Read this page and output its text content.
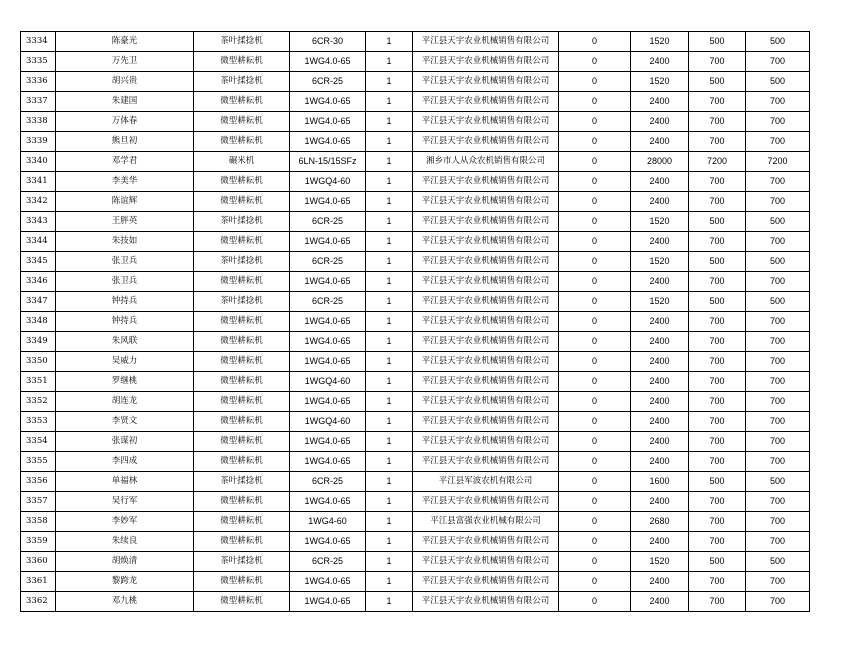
3334	陈豪光	茶叶揉捻机	6CR-30	1	平江县天宇农业机械销售有限公司	0	1520	500	500
3335	万先卫	微型耕耘机	1WG4.0-65	1	平江县天宇农业机械销售有限公司	0	2400	700	700
3336	胡兴贵	茶叶揉捻机	6CR-25	1	平江县天宇农业机械销售有限公司	0	1520	500	500
3337	朱建国	微型耕耘机	1WG4.0-65	1	平江县天宇农业机械销售有限公司	0	2400	700	700
3338	万体春	微型耕耘机	1WG4.0-65	1	平江县天宇农业机械销售有限公司	0	2400	700	700
3339	熊旦初	微型耕耘机	1WG4.0-65	1	平江县天宇农业机械销售有限公司	0	2400	700	700
3340	邓学君	碾米机	6LN-15/15SFz	1	湘乡市人从众农机销售有限公司	0	28000	7200	7200
3341	李美华	微型耕耘机	1WGQ4-60	1	平江县天宇农业机械销售有限公司	0	2400	700	700
3342	陈谊辉	微型耕耘机	1WG4.0-65	1	平江县天宇农业机械销售有限公司	0	2400	700	700
3343	王胖英	茶叶揉捻机	6CR-25	1	平江县天宇农业机械销售有限公司	0	1520	500	500
3344	朱技如	微型耕耘机	1WG4.0-65	1	平江县天宇农业机械销售有限公司	0	2400	700	700
3345	张卫兵	茶叶揉捻机	6CR-25	1	平江县天宇农业机械销售有限公司	0	1520	500	500
3346	张卫兵	微型耕耘机	1WG4.0-65	1	平江县天宇农业机械销售有限公司	0	2400	700	700
3347	钟持兵	茶叶揉捻机	6CR-25	1	平江县天宇农业机械销售有限公司	0	1520	500	500
3348	钟持兵	微型耕耘机	1WG4.0-65	1	平江县天宇农业机械销售有限公司	0	2400	700	700
3349	朱风联	微型耕耘机	1WG4.0-65	1	平江县天宇农业机械销售有限公司	0	2400	700	700
3350	吴威力	微型耕耘机	1WG4.0-65	1	平江县天宇农业机械销售有限公司	0	2400	700	700
3351	罗继桃	微型耕耘机	1WGQ4-60	1	平江县天宇农业机械销售有限公司	0	2400	700	700
3352	胡连龙	微型耕耘机	1WG4.0-65	1	平江县天宇农业机械销售有限公司	0	2400	700	700
3353	李贤文	微型耕耘机	1WGQ4-60	1	平江县天宇农业机械销售有限公司	0	2400	700	700
3354	张谋初	微型耕耘机	1WG4.0-65	1	平江县天宇农业机械销售有限公司	0	2400	700	700
3355	李四成	微型耕耘机	1WG4.0-65	1	平江县天宇农业机械销售有限公司	0	2400	700	700
3356	单福林	茶叶揉捻机	6CR-25	1	平江县军波农机有限公司	0	1600	500	500
3357	吴行军	微型耕耘机	1WG4.0-65	1	平江县天宇农业机械销售有限公司	0	2400	700	700
3358	李妙军	微型耕耘机	1WG4-60	1	平江县富强农业机械有限公司	0	2680	700	700
3359	朱续良	微型耕耘机	1WG4.0-65	1	平江县天宇农业机械销售有限公司	0	2400	700	700
3360	胡焕清	茶叶揉捻机	6CR-25	1	平江县天宇农业机械销售有限公司	0	1520	500	500
3361	黎跨龙	微型耕耘机	1WG4.0-65	1	平江县天宇农业机械销售有限公司	0	2400	700	700
3362	邓九桃	微型耕耘机	1WG4.0-65	1	平江县天宇农业机械销售有限公司	0	2400	700	700
